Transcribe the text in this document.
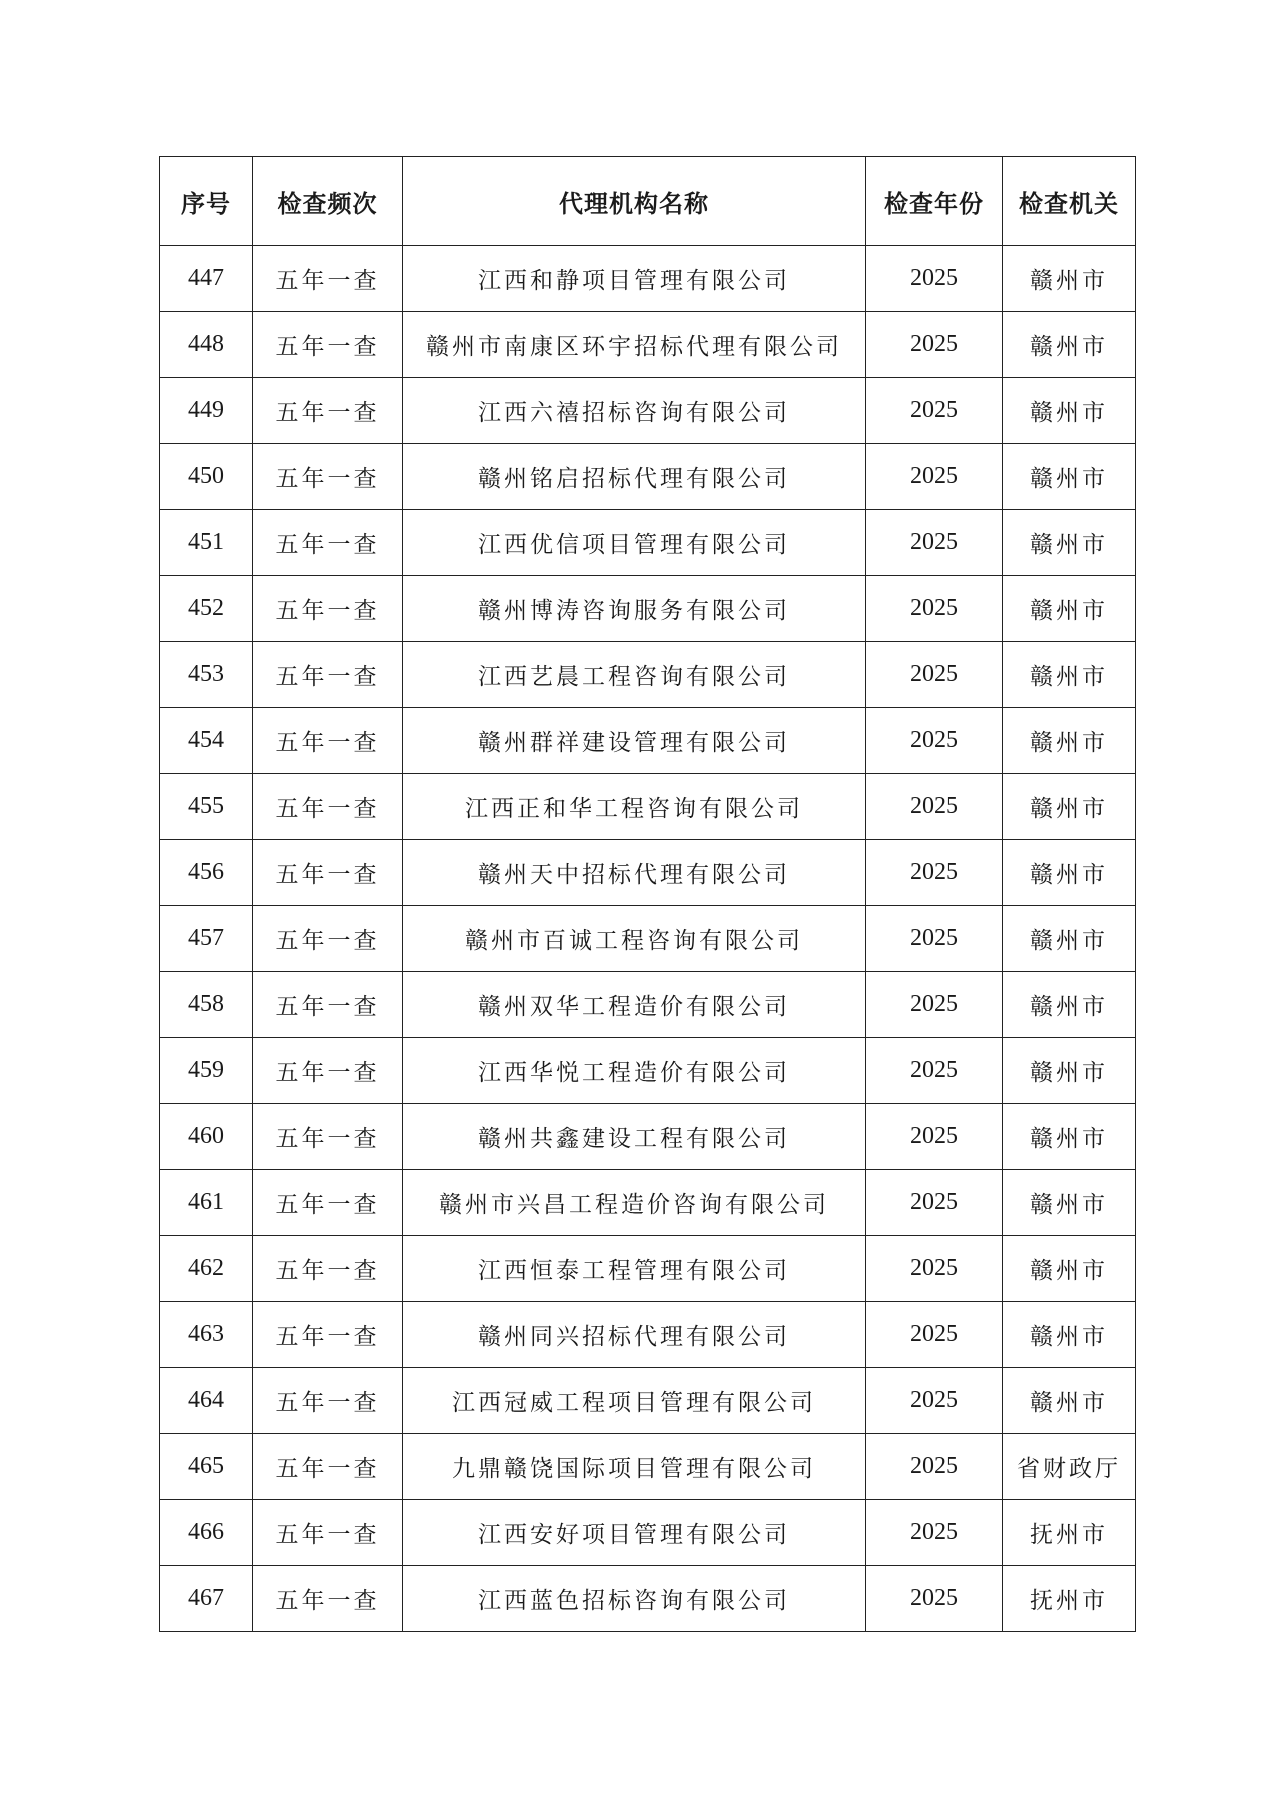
序号	检查频次	代理机构名称	检查年份	检查机关
447	五年一查	江西和静项目管理有限公司	2025	赣州市
448	五年一查	赣州市南康区环宇招标代理有限公司	2025	赣州市
449	五年一查	江西六禧招标咨询有限公司	2025	赣州市
450	五年一查	赣州铭启招标代理有限公司	2025	赣州市
451	五年一查	江西优信项目管理有限公司	2025	赣州市
452	五年一查	赣州博涛咨询服务有限公司	2025	赣州市
453	五年一查	江西艺晨工程咨询有限公司	2025	赣州市
454	五年一查	赣州群祥建设管理有限公司	2025	赣州市
455	五年一查	江西正和华工程咨询有限公司	2025	赣州市
456	五年一查	赣州天中招标代理有限公司	2025	赣州市
457	五年一查	赣州市百诚工程咨询有限公司	2025	赣州市
458	五年一查	赣州双华工程造价有限公司	2025	赣州市
459	五年一查	江西华悦工程造价有限公司	2025	赣州市
460	五年一查	赣州共鑫建设工程有限公司	2025	赣州市
461	五年一查	赣州市兴昌工程造价咨询有限公司	2025	赣州市
462	五年一查	江西恒泰工程管理有限公司	2025	赣州市
463	五年一查	赣州同兴招标代理有限公司	2025	赣州市
464	五年一查	江西冠威工程项目管理有限公司	2025	赣州市
465	五年一查	九鼎赣饶国际项目管理有限公司	2025	省财政厅
466	五年一查	江西安好项目管理有限公司	2025	抚州市
467	五年一查	江西蓝色招标咨询有限公司	2025	抚州市
